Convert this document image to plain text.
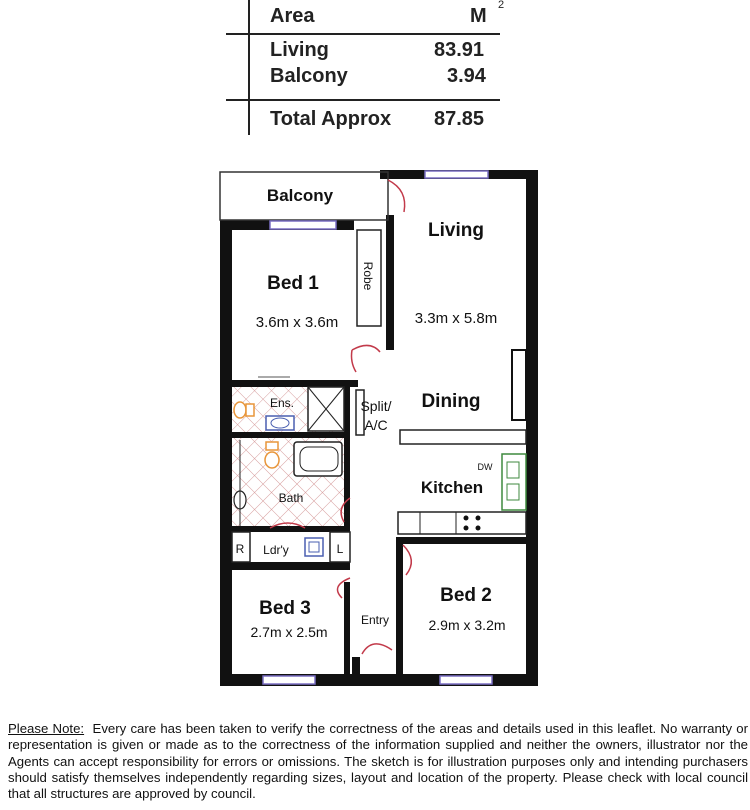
Area	M 2
Living	83.91
Balcony	3.94
Total Approx 87.85
Balcony
Living
3.3m x 5.8m
Bed 1
3.6m x 3.6m
Robe
Ens.	Split/
A/C
Dining
DW
Kitchen
Bath
R Ldr'y	L
Bed 3
2.7m x 2.5m
Entry
Bed 2
2.9m x 3.2m
Please Note: Every care has been taken to verify the correctness of the areas and details used in this leaflet. No warranty or representation is given or made as to the correctness of the information supplied and neither the owners, illustrator nor the Agents can accept responsibility for errors or omissions. The sketch is for illustration purposes only and intending purchasers should satisfy themselves independently regarding sizes, layout and location of the property. Please check with local council that all structures are approved by council.
